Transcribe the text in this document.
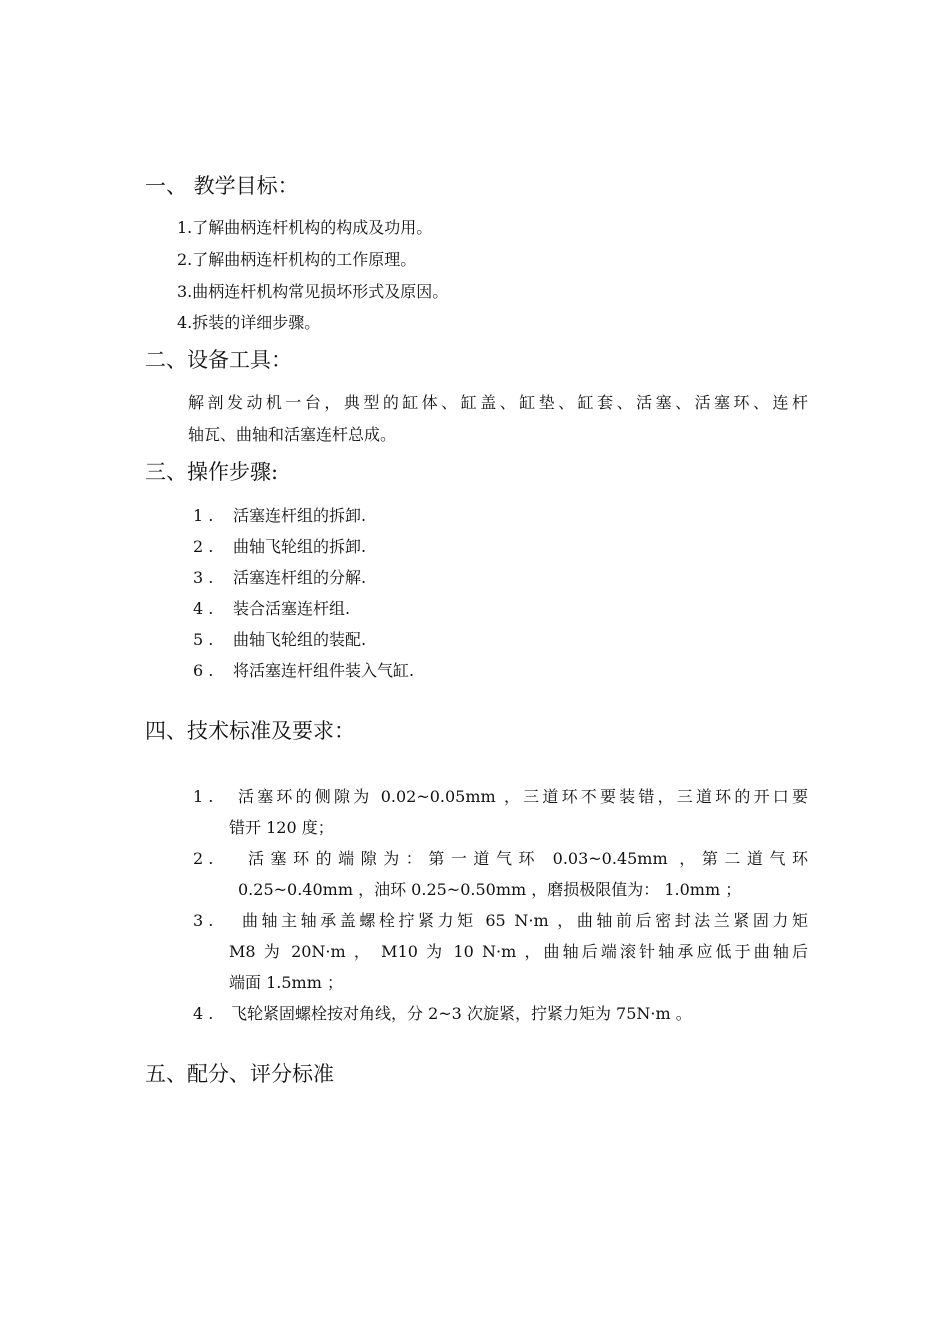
一、 教学目标：
1.了解曲柄连杆机构的构成及功用。
2.了解曲柄连杆机构的工作原理。
3.曲柄连杆机构常见损坏形式及原因。
4.拆装的详细步骤。
二、设备工具：
解剖发动机一台，典型的缸体、缸盖、缸垫、缸套、活塞、活塞环、连杆
轴瓦、曲轴和活塞连杆总成。
三、操作步骤:
1 . 活塞连杆组的拆卸.
2 . 曲轴飞轮组的拆卸.
3 . 活塞连杆组的分解.
4 . 装合活塞连杆组.
5 . 曲轴飞轮组的装配.
6 . 将活塞连杆组件装入气缸.
四、技术标准及要求：
1 . 活塞环的侧隙为 0.02~0.05mm ，三道环不要装错，三道环的开口要
错开 120 度；
2 . 活塞环的端隙为：第一道气环 0.03~0.45mm ，第二道气环
0.25~0.40mm ，油环 0.25~0.50mm ，磨损极限值为： 1.0mm ；
3 . 曲轴主轴承盖螺栓拧紧力矩 65 N·m ，曲轴前后密封法兰紧固力矩
M8 为 20N·m ， M10 为 10 N·m ，曲轴后端滚针轴承应低于曲轴后
端面 1.5mm ；
4 . 飞轮紧固螺栓按对角线，分 2~3 次旋紧，拧紧力矩为 75N·m 。
五、配分、评分标准
